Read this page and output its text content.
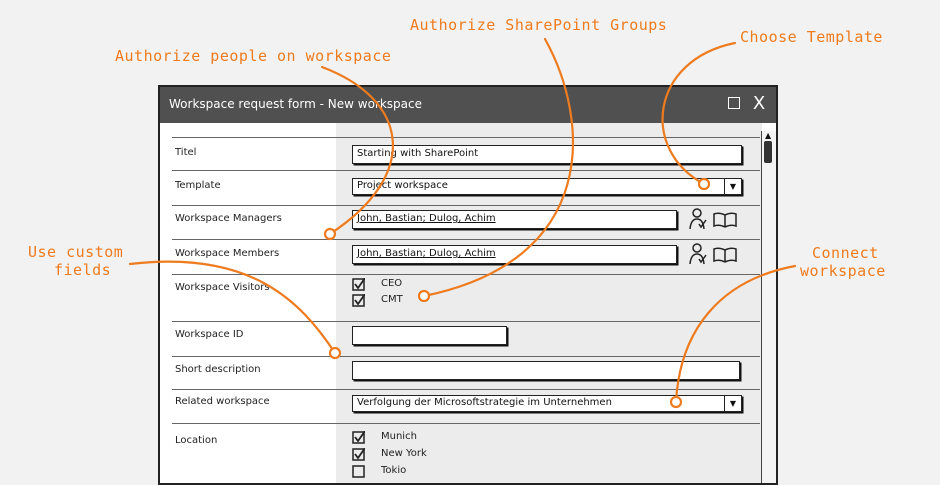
Authorize people on workspace
Authorize SharePoint Groups
Choose Template
Use custom
fields
Connect
workspace
Workspace request form - New workspace	X
Titel	Starting with SharePoint
Template	Project workspace	▼
Workspace Managers	John, Bastian; Dulog, Achim
Workspace Members	John, Bastian; Dulog, Achim
Workspace Visitors	CEO
CMT
Workspace ID
Short description
Related workspace	Verfolgung der Microsoftstrategie im Unternehmen	▼
Location	Munich
New York
Tokio
▲
